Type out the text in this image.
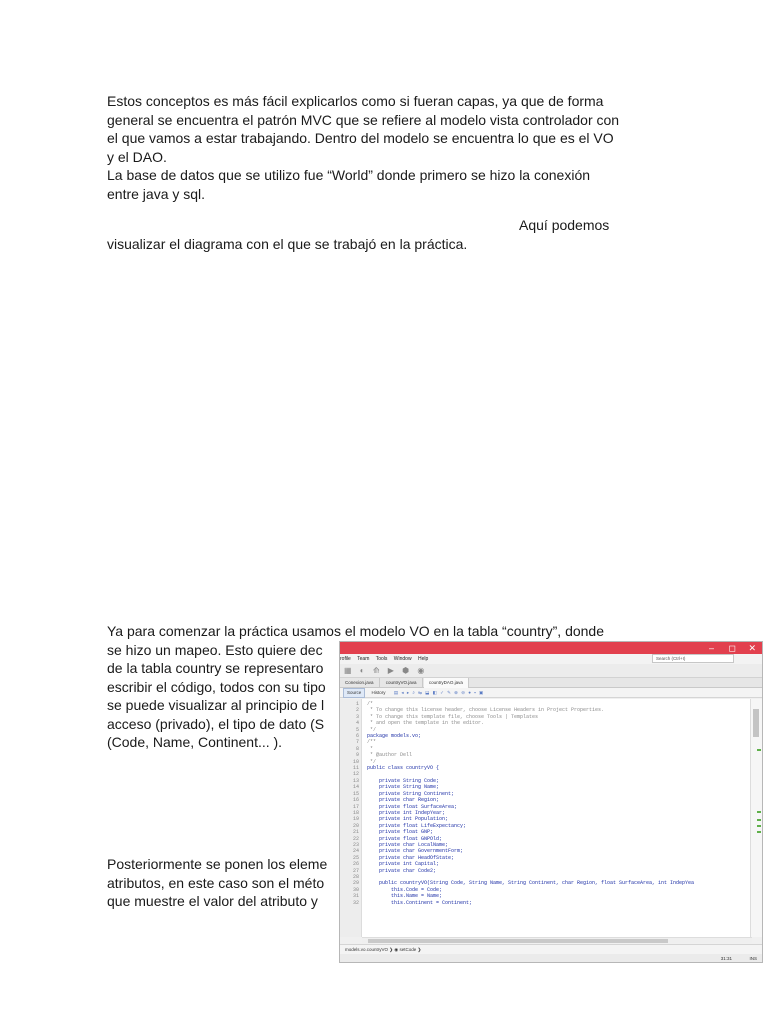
Estos conceptos es más fácil explicarlos como si fueran capas, ya que de forma
general se encuentra el patrón MVC que se refiere al modelo vista controlador con
el que vamos a estar trabajando. Dentro del modelo se encuentra lo que es el VO
y el DAO.
La base de datos que se utilizo fue “World” donde primero se hizo la conexión
entre java y sql.
Aquí podemos
visualizar el diagrama con el que se trabajó en la práctica.
Ya para comenzar la práctica usamos el modelo VO en la tabla “country”, donde
se hizo un mapeo. Esto quiere dec
de la tabla country se representaro
escribir el código, todos con su tipo
se puede visualizar al principio de l
acceso (privado), el tipo de dato (S
(Code, Name, Continent... ).
Posteriormente se ponen los eleme
atributos, en este caso son el méto
que muestre el valor del atributo y
– ◻ ✕
rofile Team Tools Window Help	Search (Ctrl+I)
▦ ◐ ⟰ ▶ ⬢ ◉
Conexion.java	countryVO.java	countryDAO.java
Source History ▤ ◂ ▸ ⌕ ⇆ ⬓ ◧ ✓ ✎ ⊕ ⊖ ● ▪ ▣
1 /*
2 * To change this license header, choose License Headers in Project Properties.
3 * To change this template file, choose Tools | Templates
4 * and open the template in the editor.
5 */
6 package models.vo;
7 /**
8 *
9 * @author Dell
10 */
11 public class countryVO {
12
13    private String Code;
14    private String Name;
15    private String Continent;
16    private char Region;
17    private float SurfaceArea;
18    private int IndepYear;
19    private int Population;
20    private float LifeExpectancy;
21    private float GNP;
22    private float GNPOld;
23    private char LocalName;
24    private char GovernmentForm;
25    private char HeadOfState;
26    private int Capital;
27    private char Code2;
28
29    public countryVO(String Code, String Name, String Continent, char Region, float SurfaceArea, int IndepYea
30        this.Code = Code;
31        this.Name = Name;
32        this.Continent = Continent;
models.vo.countryVO ❯ ◉ setCode ❯
31:31	INS
